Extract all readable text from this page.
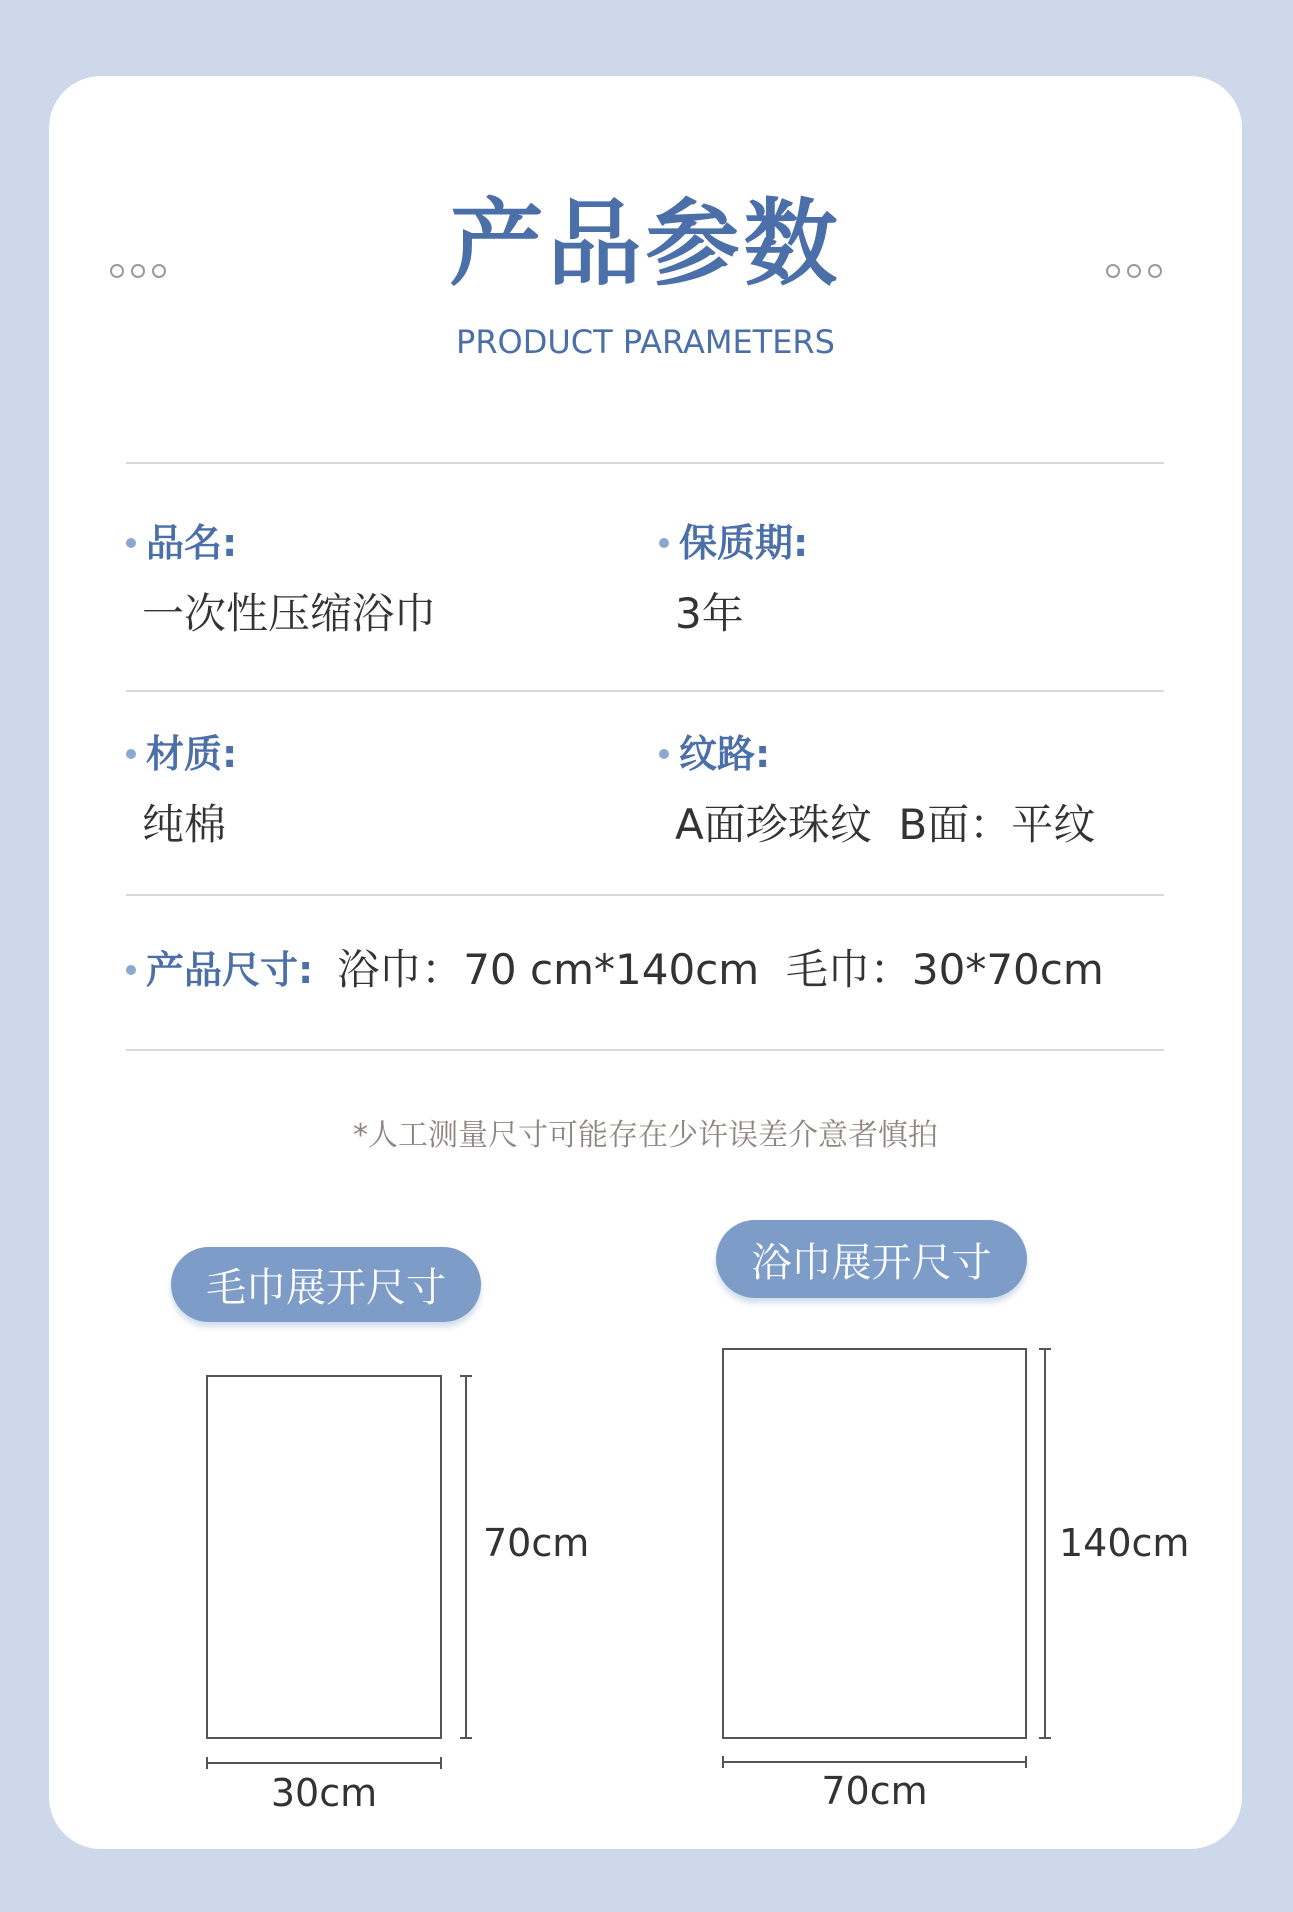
产品参数
PRODUCT PARAMETERS
品名:
一次性压缩浴巾
保质期:
3年
材质:
纯棉
纹路:
A面珍珠纹  B面：平纹
产品尺寸: 浴巾：70 cm*140cm  毛巾：30*70cm
*人工测量尺寸可能存在少许误差介意者慎拍
毛巾展开尺寸
70cm
30cm
浴巾展开尺寸
140cm
70cm
